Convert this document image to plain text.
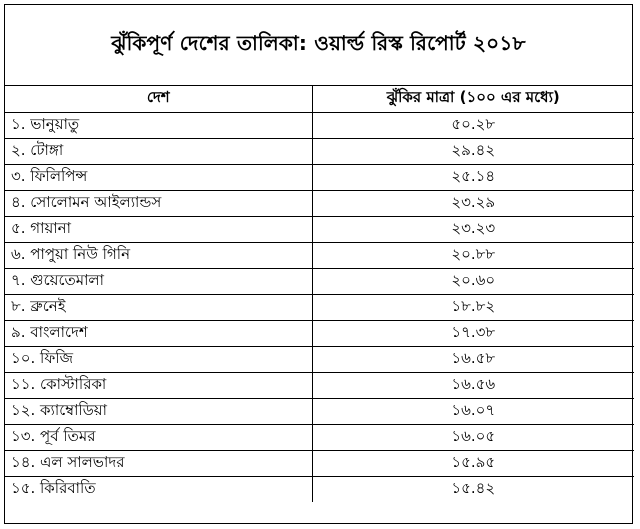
ঝুঁকিপূর্ণ দেশের তালিকা: ওয়ার্ল্ড রিস্ক রিপোর্ট ২০১৮
দেশ	ঝুঁকির মাত্রা (১০০ এর মধ্যে)
১. ভানুয়াতু	৫০.২৮
২. টোঙ্গা	২৯.৪২
৩. ফিলিপিন্স	২৫.১৪
৪. সোলোমন আইল্যান্ডস	২৩.২৯
৫. গায়ানা	২৩.২৩
৬. পাপুয়া নিউ গিনি	২০.৮৮
৭. গুয়েতেমালা	২০.৬০
৮. ব্রুনেই	১৮.৮২
৯. বাংলাদেশ	১৭.৩৮
১০. ফিজি	১৬.৫৮
১১. কোস্টারিকা	১৬.৫৬
১২. ক্যাম্বোডিয়া	১৬.০৭
১৩. পূর্ব তিমর	১৬.০৫
১৪. এল সালভাদর	১৫.৯৫
১৫. কিরিবাতি	১৫.৪২
